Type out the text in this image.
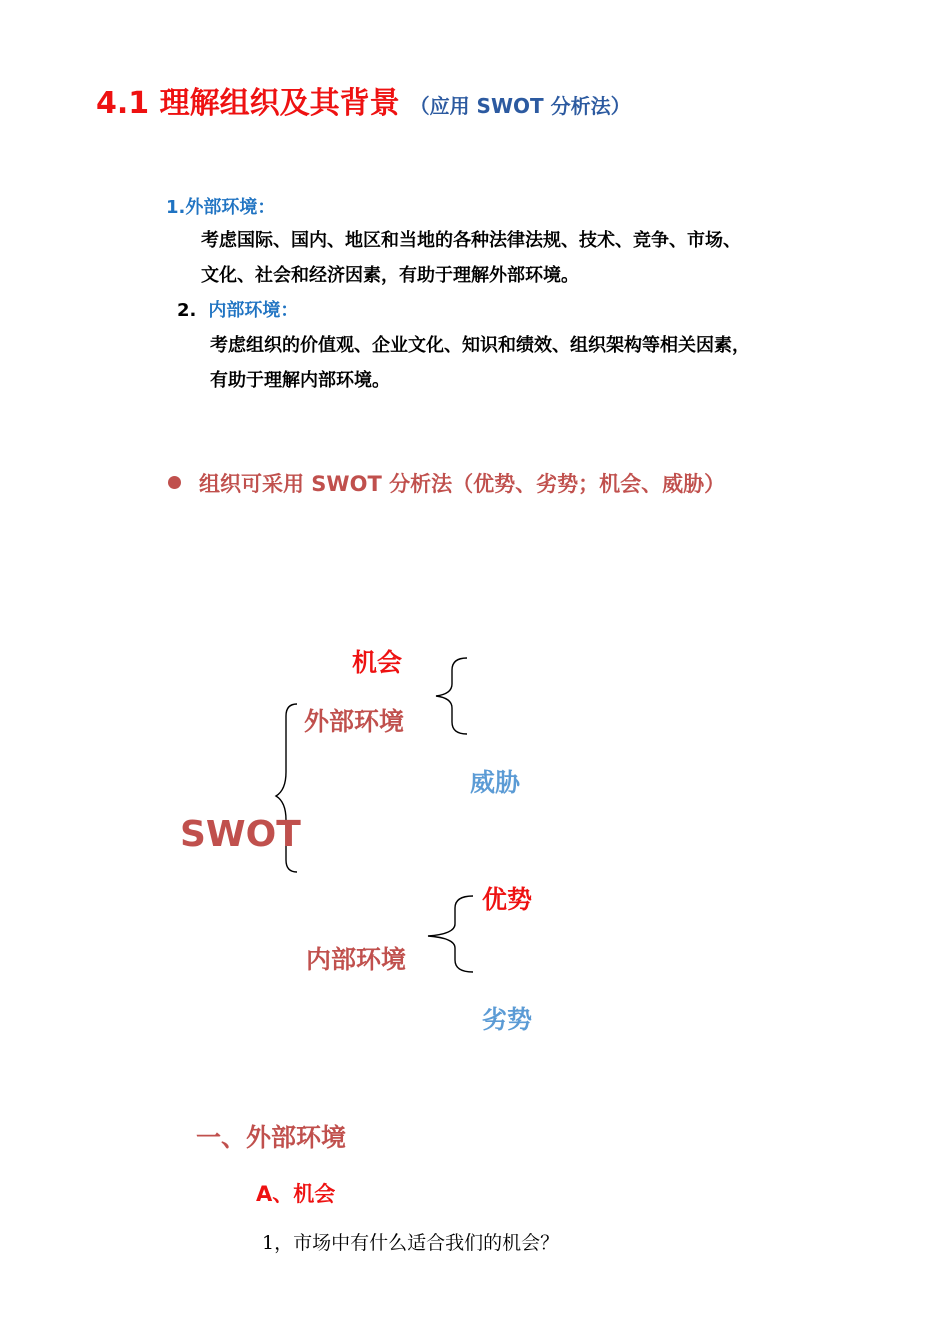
4.1 理解组织及其背景 （应用 SWOT 分析法）
1.外部环境：
考虑国际、国内、地区和当地的各种法律法规、技术、竞争、市场、
文化、社会和经济因素，有助于理解外部环境。
2. 内部环境：
考虑组织的价值观、企业文化、知识和绩效、组织架构等相关因素，
有助于理解内部环境。
组织可采用 SWOT 分析法（优势、劣势；机会、威胁）
机会
外部环境
威胁
SWOT
优势
内部环境
劣势
一、外部环境
A、机会
1，市场中有什么适合我们的机会？
